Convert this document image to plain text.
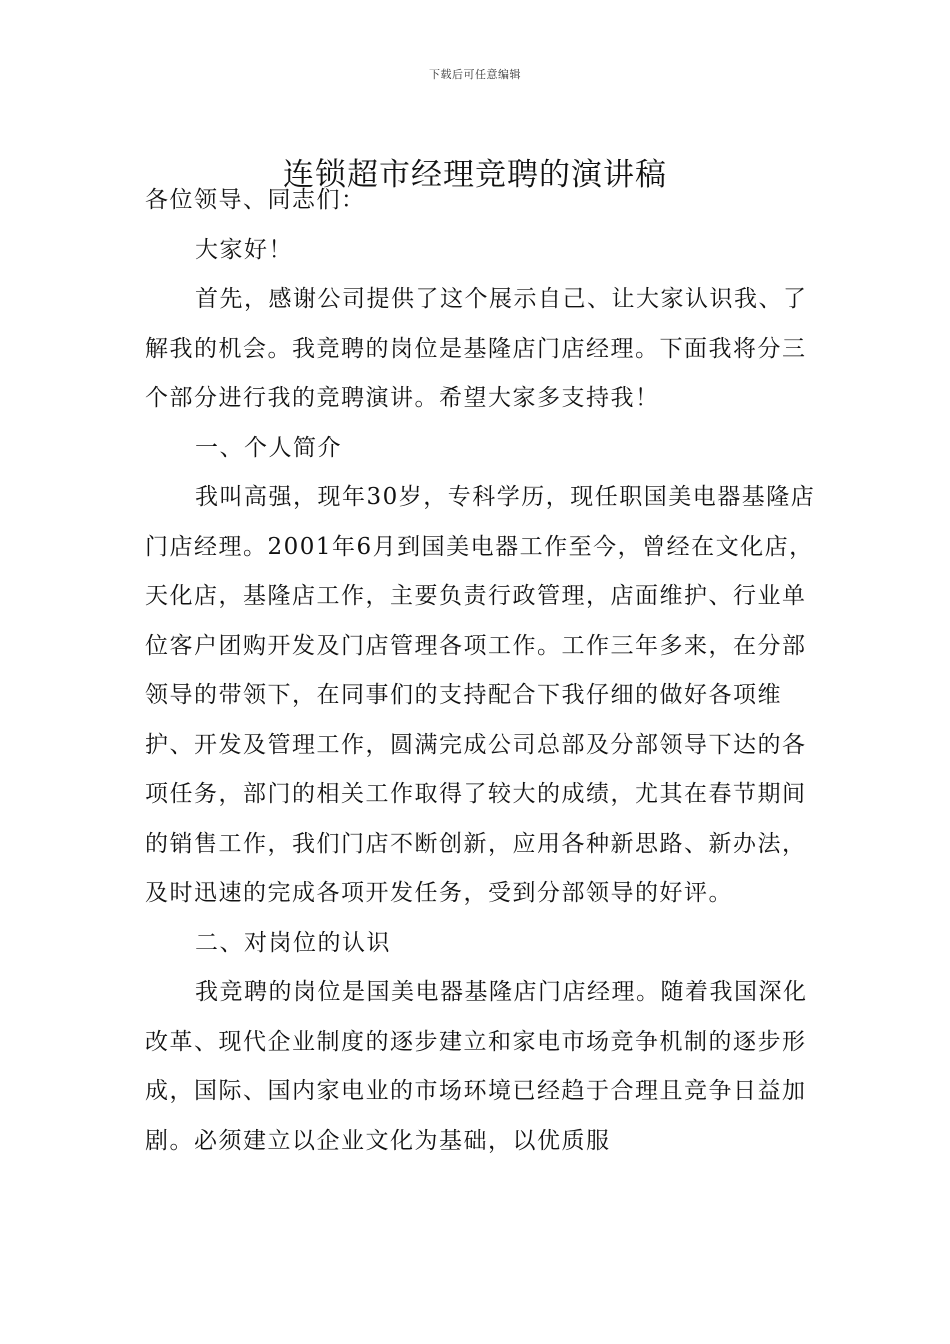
下载后可任意编辑
连锁超市经理竞聘的演讲稿

各位领导、同志们：

大家好！

首先，感谢公司提供了这个展示自己、让大家认识我、了解我的机会。我竞聘的岗位是基隆店门店经理。下面我将分三个部分进行我的竞聘演讲。希望大家多支持我！

一、个人简介

我叫高强，现年30岁，专科学历，现任职国美电器基隆店门店经理。2001年6月到国美电器工作至今，曾经在文化店，天化店，基隆店工作，主要负责行政管理，店面维护、行业单位客户团购开发及门店管理各项工作。工作三年多来，在分部领导的带领下，在同事们的支持配合下我仔细的做好各项维护、开发及管理工作，圆满完成公司总部及分部领导下达的各项任务，部门的相关工作取得了较大的成绩，尤其在春节期间的销售工作，我们门店不断创新，应用各种新思路、新办法，及时迅速的完成各项开发任务，受到分部领导的好评。

二、对岗位的认识

我竞聘的岗位是国美电器基隆店门店经理。随着我国深化改革、现代企业制度的逐步建立和家电市场竞争机制的逐步形成，国际、国内家电业的市场环境已经趋于合理且竞争日益加剧。必须建立以企业文化为基础，以优质服
